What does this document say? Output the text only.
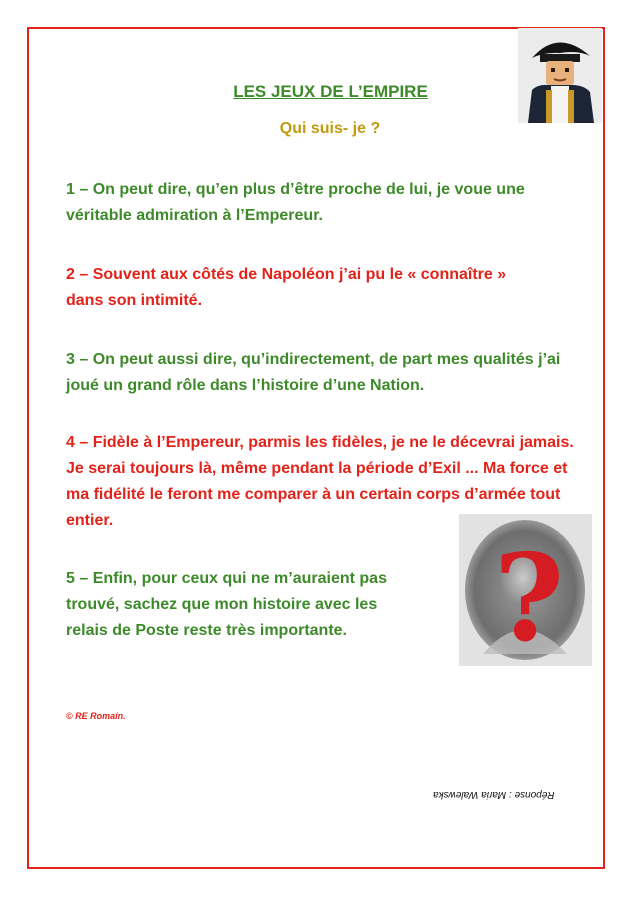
LES JEUX DE L’EMPIRE

Qui suis- je ?

1 – On peut dire, qu’en plus d’être proche de lui, je voue une véritable admiration à l’Empereur.

2 – Souvent aux côtés de Napoléon j’ai pu le « connaître » dans son intimité.

3 – On peut aussi dire, qu’indirectement, de part mes qualités j’ai joué un grand rôle dans l’histoire d’une Nation.

4 – Fidèle à l’Empereur, parmis les fidèles, je ne le décevrai jamais. Je serai toujours là, même pendant la période d’Exil ... Ma force et ma fidélité le feront me comparer à un certain corps d’armée tout entier.

5 – Enfin, pour ceux qui ne m’auraient pas trouvé, sachez que mon histoire avec les relais de Poste reste très importante.	?

© RE Romain.

Réponse : Maria Walewska
